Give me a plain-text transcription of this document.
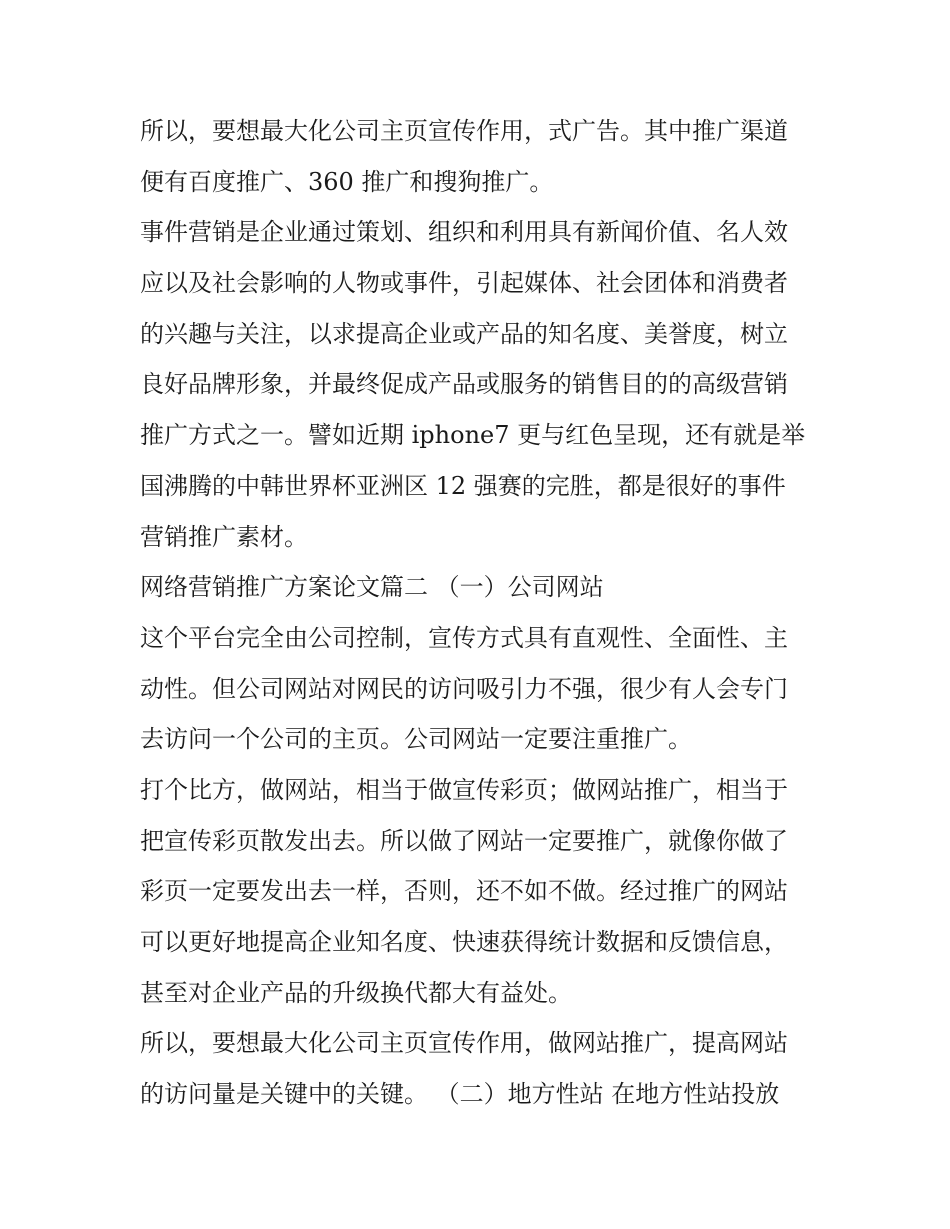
所以，要想最大化公司主页宣传作用，式广告。其中推广渠道
便有百度推广、360 推广和搜狗推广。
事件营销是企业通过策划、组织和利用具有新闻价值、名人效
应以及社会影响的人物或事件，引起媒体、社会团体和消费者
的兴趣与关注，以求提高企业或产品的知名度、美誉度，树立
良好品牌形象，并最终促成产品或服务的销售目的的高级营销
推广方式之一。譬如近期 iphone7 更与红色呈现，还有就是举
国沸腾的中韩世界杯亚洲区 12 强赛的完胜，都是很好的事件
营销推广素材。
网络营销推广方案论文篇二 （一）公司网站
这个平台完全由公司控制，宣传方式具有直观性、全面性、主
动性。但公司网站对网民的访问吸引力不强，很少有人会专门
去访问一个公司的主页。公司网站一定要注重推广。
打个比方，做网站，相当于做宣传彩页；做网站推广，相当于
把宣传彩页散发出去。所以做了网站一定要推广，就像你做了
彩页一定要发出去一样，否则，还不如不做。经过推广的网站
可以更好地提高企业知名度、快速获得统计数据和反馈信息，
甚至对企业产品的升级换代都大有益处。
所以，要想最大化公司主页宣传作用，做网站推广，提高网站
的访问量是关键中的关键。 （二）地方性站 在地方性站投放
